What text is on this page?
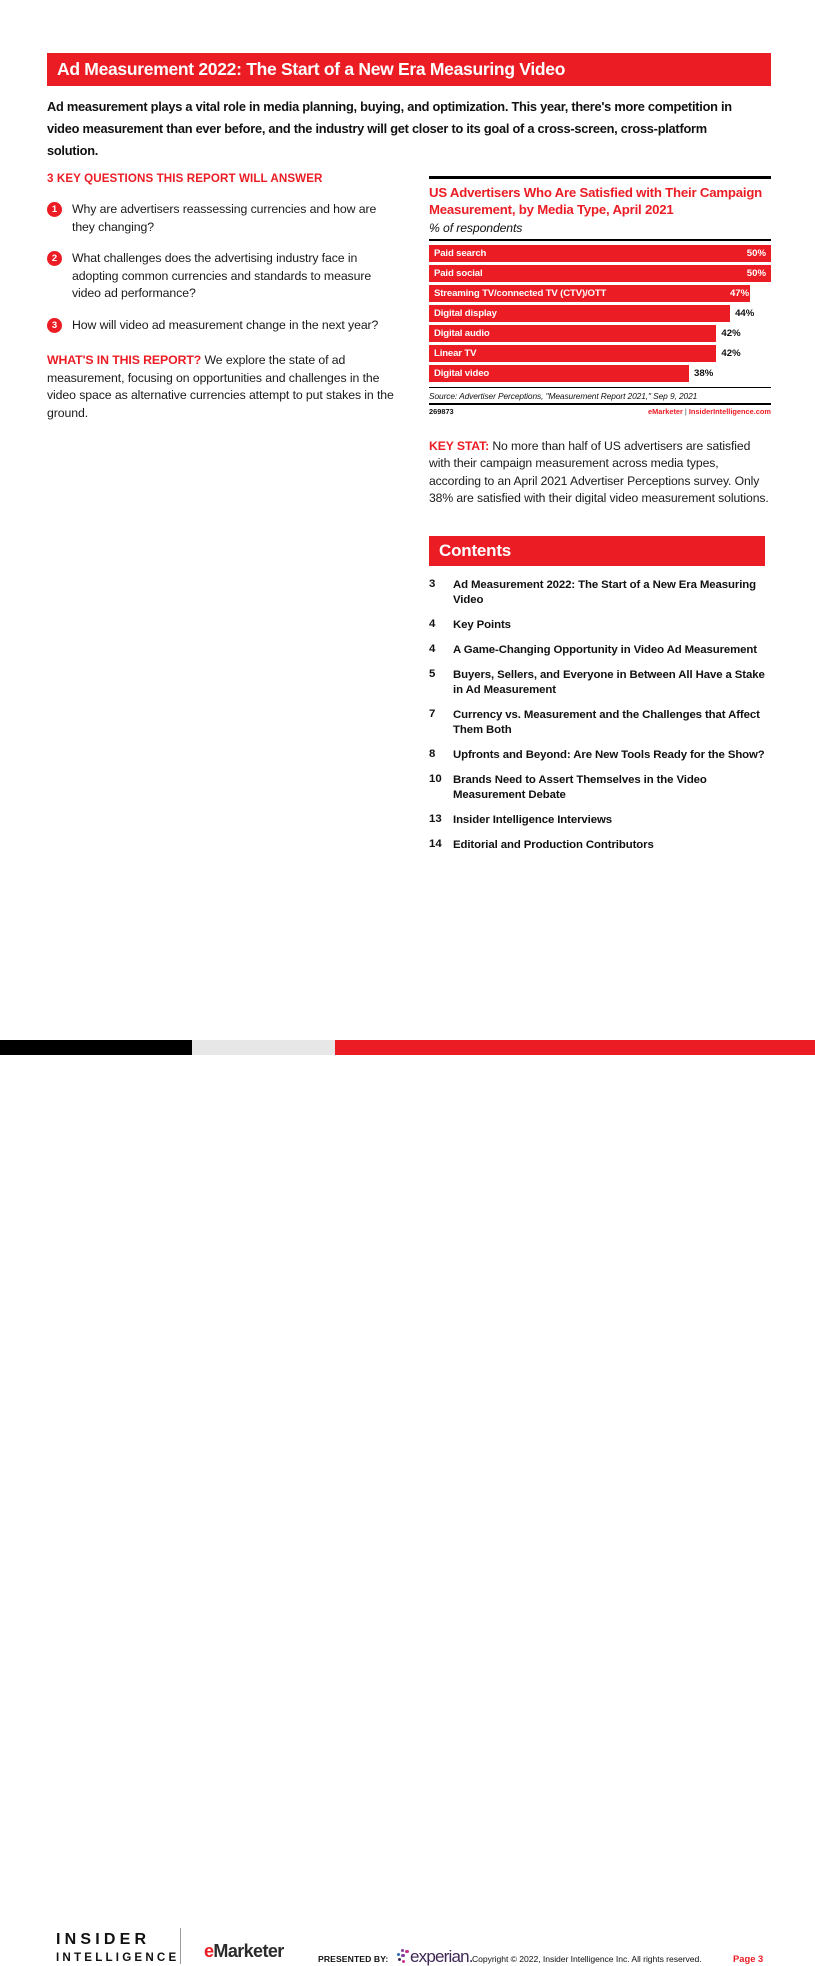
Ad Measurement 2022: The Start of a New Era Measuring Video
Ad measurement plays a vital role in media planning, buying, and optimization. This year, there's more competition in video measurement than ever before, and the industry will get closer to its goal of a cross-screen, cross-platform solution.
3 KEY QUESTIONS THIS REPORT WILL ANSWER
1	Why are advertisers reassessing currencies and how are they changing?
2	What challenges does the advertising industry face in adopting common currencies and standards to measure video ad performance?
3	How will video ad measurement change in the next year?
WHAT'S IN THIS REPORT? We explore the state of ad measurement, focusing on opportunities and challenges in the video space as alternative currencies attempt to put stakes in the ground.
US Advertisers Who Are Satisfied with Their Campaign Measurement, by Media Type, April 2021
% of respondents
Paid search	50%
Paid social	50%
Streaming TV/connected TV (CTV)/OTT	47%
Digital display	44%
Digital audio	42%
Linear TV	42%
Digital video	38%
Source: Advertiser Perceptions, "Measurement Report 2021," Sep 9, 2021
269873	eMarketer | InsiderIntelligence.com
KEY STAT: No more than half of US advertisers are satisfied with their campaign measurement across media types, according to an April 2021 Advertiser Perceptions survey. Only 38% are satisfied with their digital video measurement solutions.
Contents
3	Ad Measurement 2022: The Start of a New Era Measuring Video
4	Key Points
4	A Game-Changing Opportunity in Video Ad Measurement
5	Buyers, Sellers, and Everyone in Between All Have a Stake in Ad Measurement
7	Currency vs. Measurement and the Challenges that Affect Them Both
8	Upfronts and Beyond: Are New Tools Ready for the Show?
10 Brands Need to Assert Themselves in the Video Measurement Debate
13 Insider Intelligence Interviews
14 Editorial and Production Contributors
INSIDER
INTELLIGENCE eMarketer	PRESENTED BY: experian. Copyright © 2022, Insider Intelligence Inc. All rights reserved.	Page 3
